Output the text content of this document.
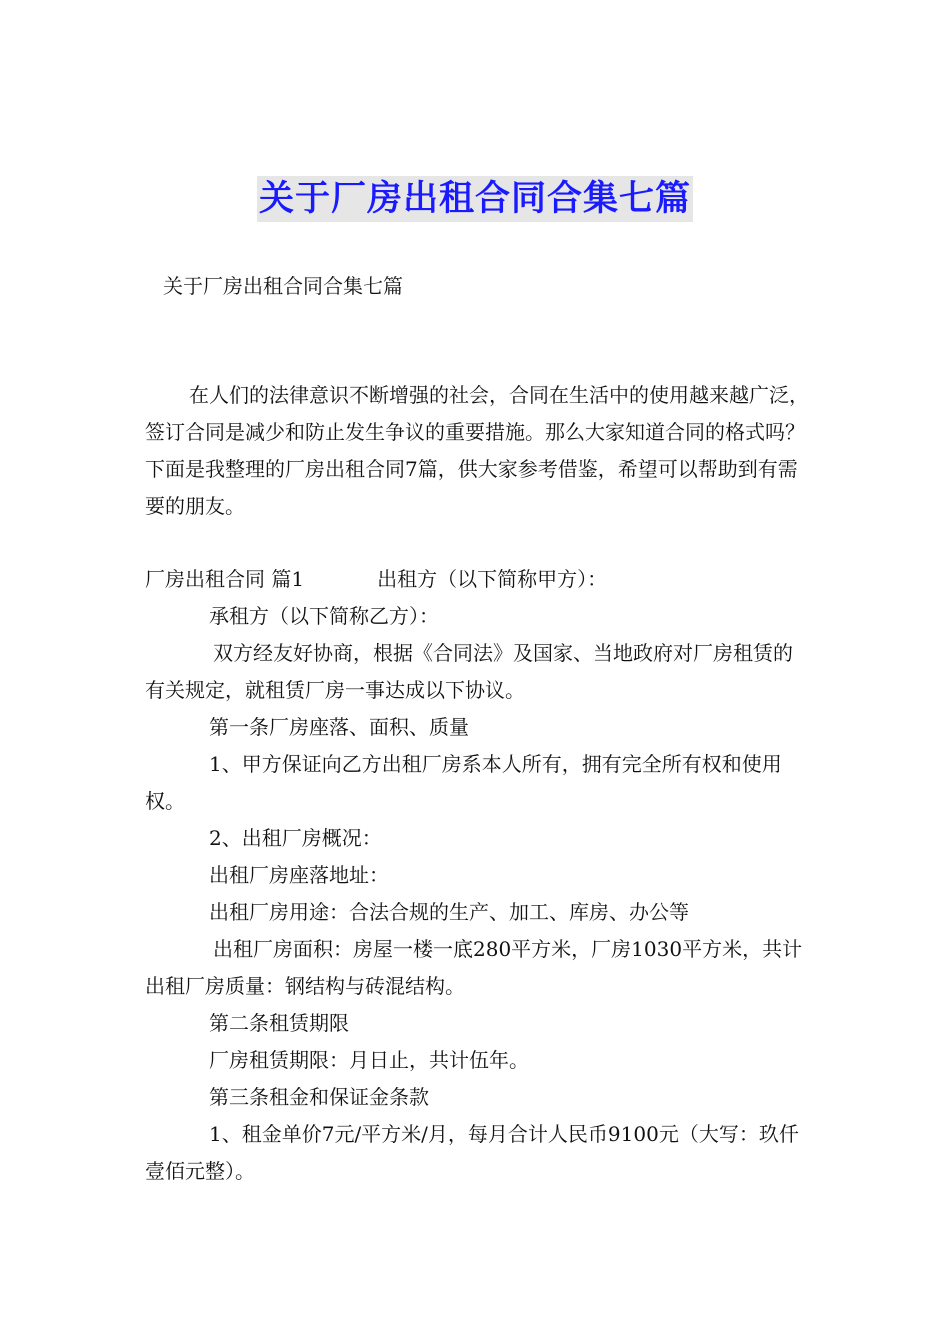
关于厂房出租合同合集七篇

关于厂房出租合同合集七篇

在人们的法律意识不断增强的社会，合同在生活中的使用越来越广泛，签订合同是减少和防止发生争议的重要措施。那么大家知道合同的格式吗？下面是我整理的厂房出租合同7篇，供大家参考借鉴，希望可以帮助到有需要的朋友。

厂房出租合同 篇1	出租方（以下简称甲方）：

承租方（以下简称乙方）：

双方经友好协商，根据《合同法》及国家、当地政府对厂房租赁的有关规定，就租赁厂房一事达成以下协议。

第一条厂房座落、面积、质量

1、甲方保证向乙方出租厂房系本人所有，拥有完全所有权和使用权。

2、出租厂房概况：

出租厂房座落地址：

出租厂房用途：合法合规的生产、加工、库房、办公等

出租厂房面积：房屋一楼一底280平方米，厂房1030平方米，共计出租厂房质量：钢结构与砖混结构。

第二条租赁期限

厂房租赁期限：月日止，共计伍年。

第三条租金和保证金条款

1、租金单价7元/平方米/月，每月合计人民币9100元（大写：玖仟壹佰元整）。
